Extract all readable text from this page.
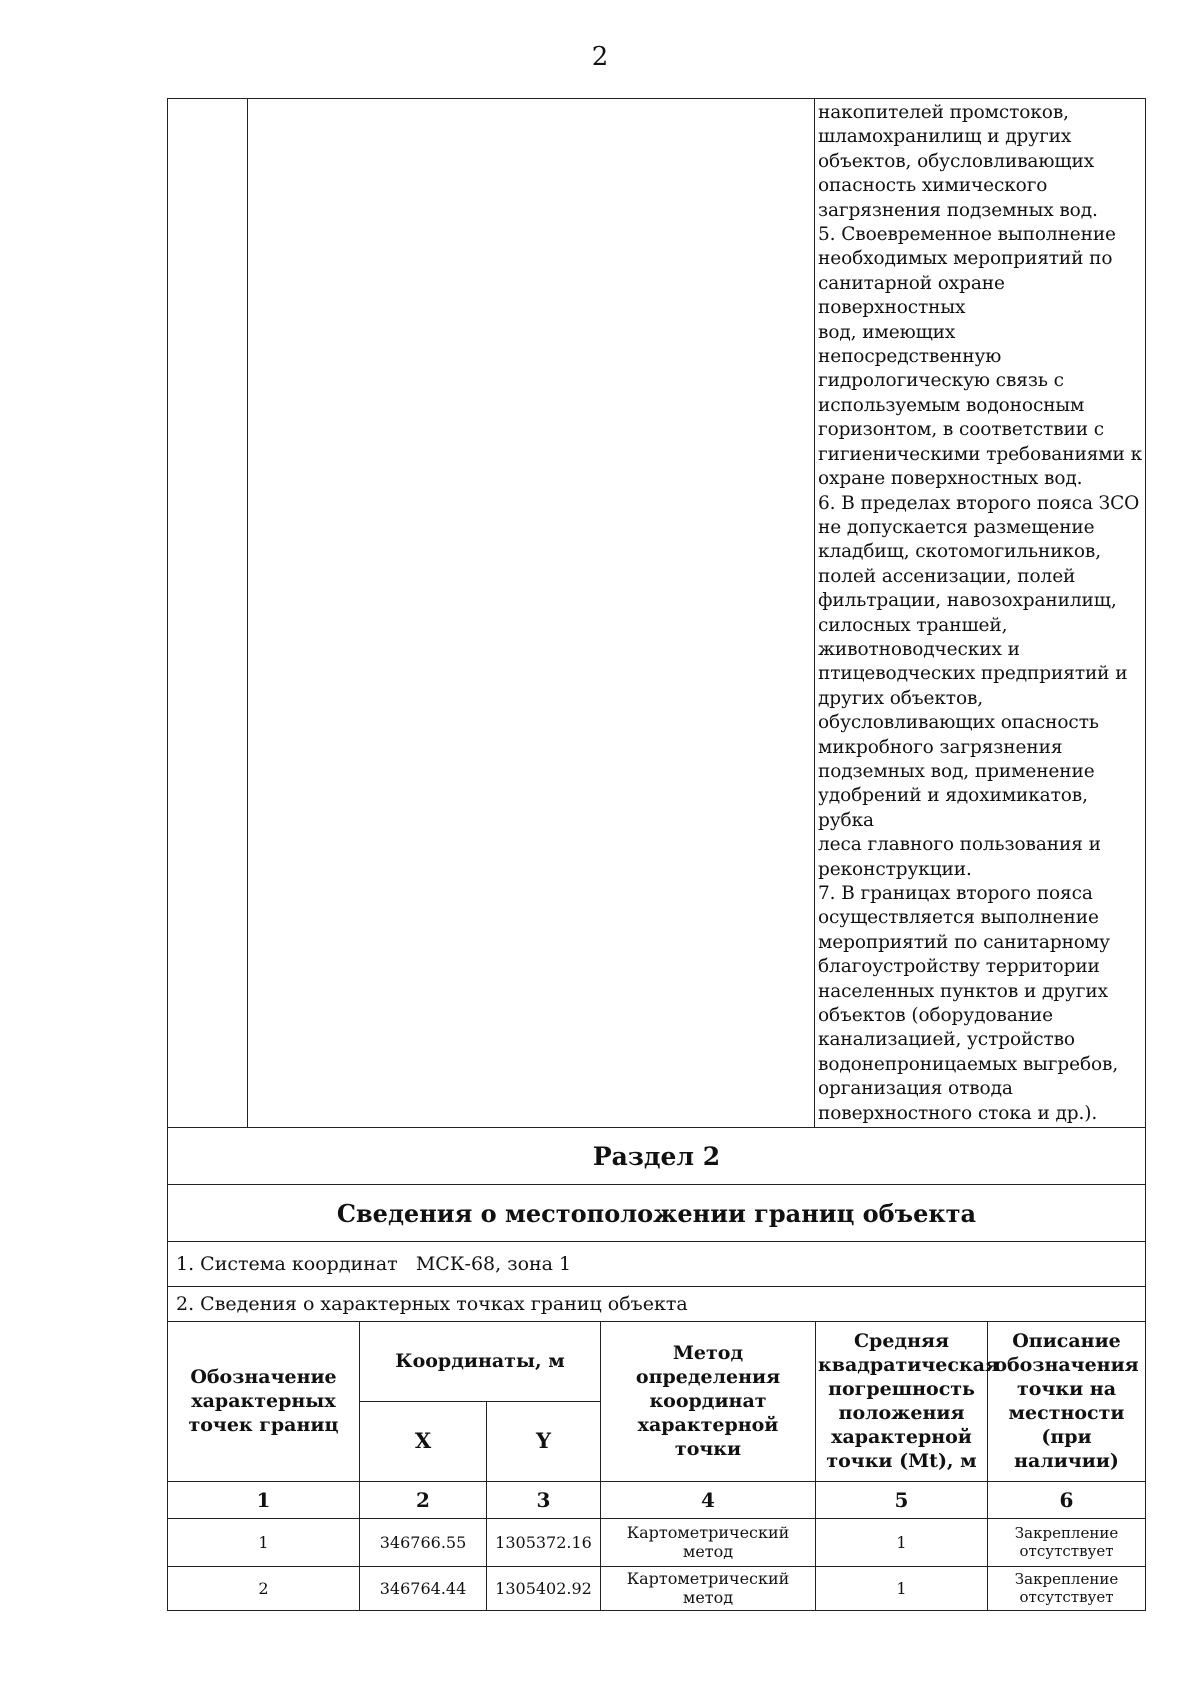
2
		накопителей промстоков,
шламохранилищ и других
объектов, обусловливающих
опасность химического
загрязнения подземных вод.
5. Своевременное выполнение
необходимых мероприятий по
санитарной охране поверхностных
вод, имеющих непосредственную
гидрологическую связь с
используемым водоносным
горизонтом, в соответствии с
гигиеническими требованиями к
охране поверхностных вод.
6. В пределах второго пояса ЗСО
не допускается размещение
кладбищ, скотомогильников,
полей ассенизации, полей
фильтрации, навозохранилищ,
силосных траншей,
животноводческих и
птицеводческих предприятий и
других объектов,
обусловливающих опасность
микробного загрязнения
подземных вод, применение
удобрений и ядохимикатов, рубка
леса главного пользования и
реконструкции.
7. В границах второго пояса
осуществляется выполнение
мероприятий по санитарному
благоустройству территории
населенных пунктов и других
объектов (оборудование
канализацией, устройство
водонепроницаемых выгребов,
организация отвода
поверхностного стока и др.).
Раздел 2
Сведения о местоположении границ объекта
1. Система координат МСК-68, зона 1
2. Сведения о характерных точках границ объекта
Обозначение характерных точек границ	Координаты, м		Метод определения координат характерной точки	Средняя квадратическая погрешность положения характерной точки (Mt), м	Описание обозначения точки на местности (при наличии)
	X	Y			
1	2	3	4	5	6
1	346766.55	1305372.16	Картометрический метод	1	Закрепление отсутствует
2	346764.44	1305402.92	Картометрический метод	1	Закрепление отсутствует
